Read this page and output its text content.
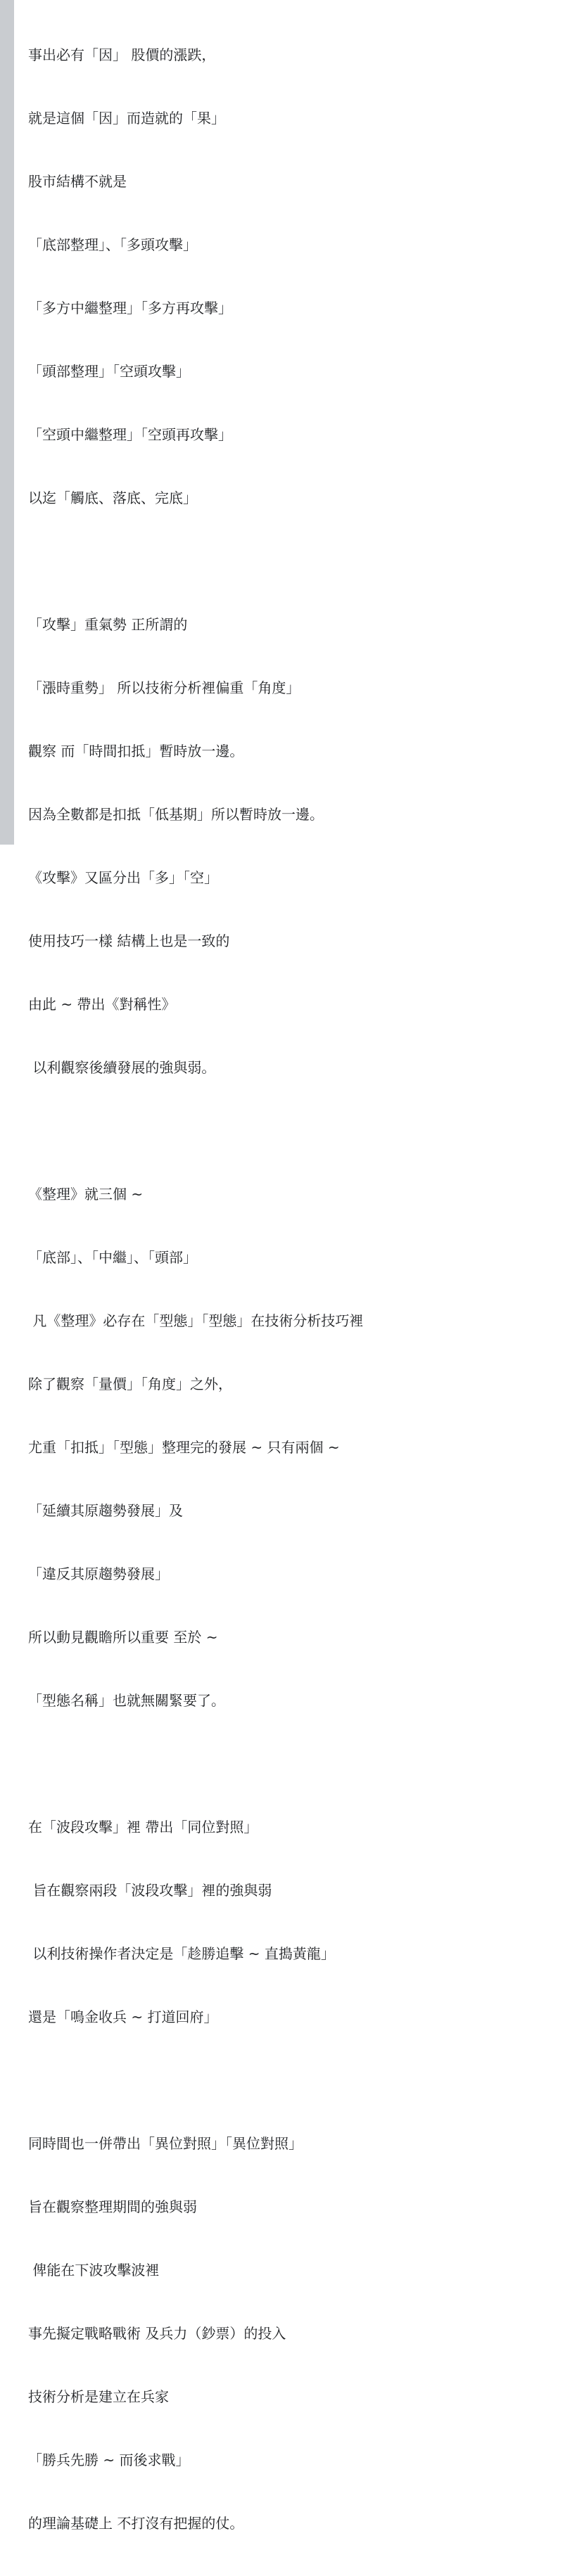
事出必有「因」 股價的漲跌，

就是這個「因」而造就的「果」

股市結構不就是

「底部整理」、「多頭攻擊」

「多方中繼整理」「多方再攻擊」

「頭部整理」「空頭攻擊」

「空頭中繼整理」「空頭再攻擊」

以迄「觸底、落底、完底」

「攻擊」重氣勢 正所謂的

「漲時重勢」 所以技術分析裡偏重「角度」

觀察 而「時間扣抵」暫時放一邊。

因為全數都是扣抵「低基期」所以暫時放一邊。

《攻擊》又區分出「多」「空」

使用技巧一樣 結構上也是一致的

由此 ~ 帶出《對稱性》

以利觀察後續發展的強與弱。

《整理》就三個 ~

「底部」、「中繼」、「頭部」

凡《整理》必存在「型態」「型態」在技術分析技巧裡

除了觀察「量價」「角度」之外，

尤重「扣抵」「型態」整理完的發展 ~ 只有兩個 ~

「延續其原趨勢發展」及

「違反其原趨勢發展」

所以動見觀瞻所以重要 至於 ~

「型態名稱」也就無關緊要了。

在「波段攻擊」裡 帶出「同位對照」

旨在觀察兩段「波段攻擊」裡的強與弱

以利技術操作者決定是「趁勝追擊 ~ 直搗黃龍」

還是「鳴金收兵 ~ 打道回府」

同時間也一併帶出「異位對照」「異位對照」

旨在觀察整理期間的強與弱

俾能在下波攻擊波裡

事先擬定戰略戰術 及兵力（鈔票）的投入

技術分析是建立在兵家

「勝兵先勝 ~ 而後求戰」

的理論基礎上 不打沒有把握的仗。
